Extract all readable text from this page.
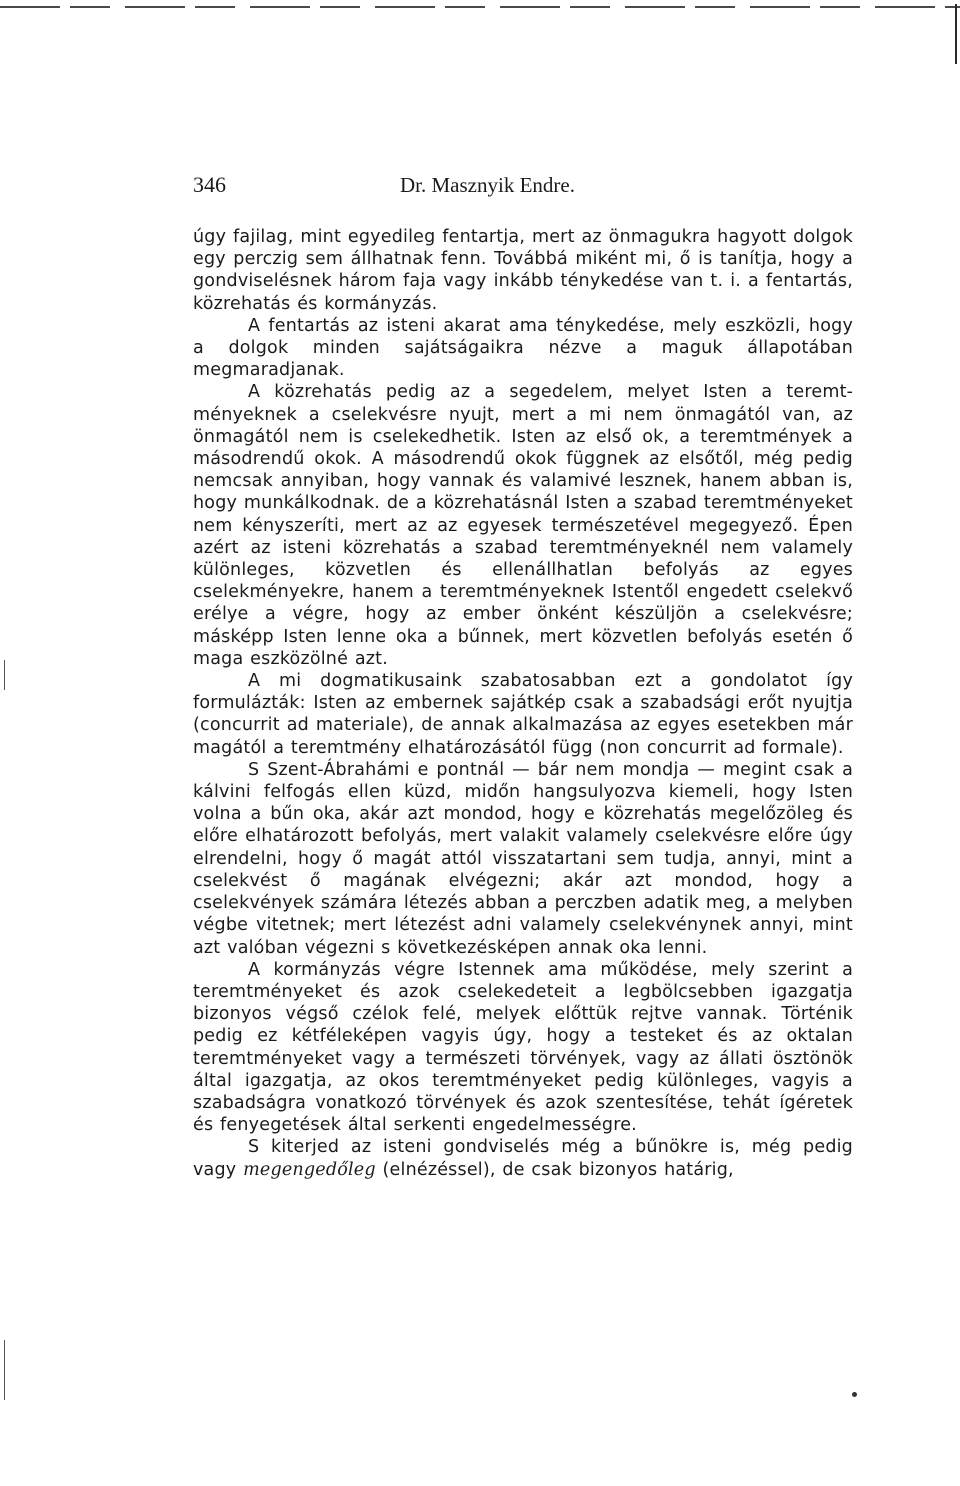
346	Dr. Masznyik Endre.

úgy fajilag, mint egyedileg fentartja, mert az önmagukra hagyott dolgok egy perczig sem állhatnak fenn. Továbbá miként mi, ő is tanítja, hogy a gondviselésnek három faja vagy inkább ténykedése van t. i. a fentartás, közrehatás és kormányzás.

A fentartás az isteni akarat ama ténykedése, mely eszközli, hogy a dolgok minden sajátságaikra nézve a maguk állapotában megmaradjanak.

A közrehatás pedig az a segedelem, melyet Isten a teremtményeknek a cselekvésre nyujt, mert a mi nem önmagától van, az önmagától nem is cselekedhetik. Isten az első ok, a teremtmények a másodrendű okok. A másodrendű okok függnek az elsőtől, még pedig nemcsak annyiban, hogy vannak és valamivé lesznek, hanem abban is, hogy munkálkodnak. de a közrehatásnál Isten a szabad teremtményeket nem kényszeríti, mert az az egyesek természetével megegyező. Épen azért az isteni közrehatás a szabad teremtményeknél nem valamely különleges, közvetlen és ellenállhatlan befolyás az egyes cselekményekre, hanem a teremtményeknek Istentől engedett cselekvő erélye a végre, hogy az ember önként készüljön a cselekvésre; másképp Isten lenne oka a bűnnek, mert közvetlen befolyás esetén ő maga eszközölné azt.

A mi dogmatikusaink szabatosabban ezt a gondolatot így formulázták: Isten az embernek sajátkép csak a szabadsági erőt nyujtja (concurrit ad materiale), de annak alkalmazása az egyes esetekben már magától a teremtmény elhatározásától függ (non concurrit ad formale).

S Szent-Ábrahámi e pontnál — bár nem mondja — megint csak a kálvini felfogás ellen küzd, midőn hangsulyozva kiemeli, hogy Isten volna a bűn oka, akár azt mondod, hogy e közrehatás megelőzöleg és előre elhatározott befolyás, mert valakit valamely cselekvésre előre úgy elrendelni, hogy ő magát attól visszatartani sem tudja, annyi, mint a cselekvést ő magának elvégezni; akár azt mondod, hogy a cselekvények számára létezés abban a perczben adatik meg, a melyben végbe vitetnek; mert létezést adni valamely cselekvénynek annyi, mint azt valóban végezni s következésképen annak oka lenni.

A kormányzás végre Istennek ama működése, mely szerint a teremtményeket és azok cselekedeteit a legbölcsebben igazgatja bizonyos végső czélok felé, melyek előttük rejtve vannak. Történik pedig ez kétféleképen vagyis úgy, hogy a testeket és az oktalan teremtményeket vagy a természeti törvények, vagy az állati ösztönök által igazgatja, az okos teremtményeket pedig különleges, vagyis a szabadságra vonatkozó törvények és azok szentesítése, tehát ígéretek és fenyegetések által serkenti engedelmességre.

S kiterjed az isteni gondviselés még a bűnökre is, még pedig vagy megengedőleg (elnézéssel), de csak bizonyos határig,
